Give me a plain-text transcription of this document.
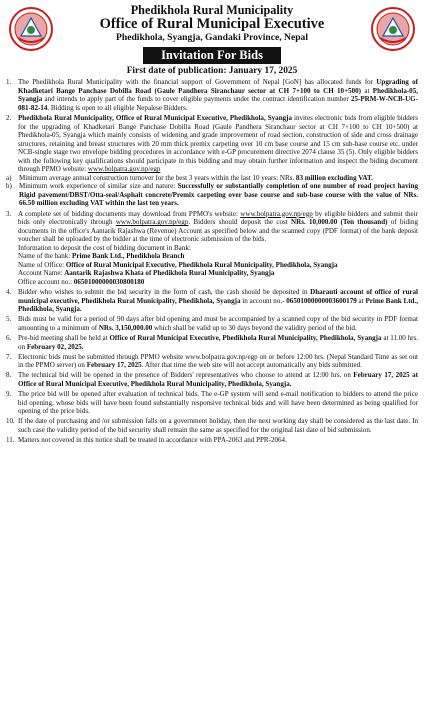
Phedikhola Rural Municipality
Office of Rural Municipal Executive
Phedikhola, Syangja, Gandaki Province, Nepal
Invitation For Bids
First date of publication: January 17, 2025
1. The Phedikhola Rural Municipality with the financial support of Government of Nepal [GoN] has allocated funds for Upgrading of Khadketari Bange Panchase Dobilla Road (Gaule Pandhera Siranchaur sector at CH 7+100 to CH 10+500) at Phedikhola-05, Syangja and intends to apply part of the funds to cover eligible payments under the contract identification number 25-PRM-W-NCB-UG-081-82-14. Bidding is open to all eligible Nepalese Bidders.
2. Phedikhola Rural Municipality, Office of Rural Municipal Executive, Phedikhola, Syangja invites electronic bids from eligible bidders for the upgrading of Khadketari Bange Panchase Dobilla Road (Gaule Pandhera Siranchaur sector at CH 7+100 to CH 10+500) at Phedikhola-05, Syangja which mainly consists of widening and grade improvement of road section, construction of side and cross drainage structures, retaining and breast structures with 20 mm thick premix carpeting over 10 cm base course and 15 cm sub-base course etc. under NCB-single stage two envelope bidding procedures in accordance with e-GP procurement directive 2074 clause 35 (5). Only eligible bidders with the following key qualifications should participate in this bidding and may obtain further information and inspect the biding document through PPMO website: www.bolpatra.gov.np/egp
a)	Minimum average annual construction turnover for the best 3 years within the last 10 years: NRs. 83 million excluding VAT.
b)	Minimum work experience of similar size and nature: Successfully or substantially completion of one number of road project having Rigid pavement/DBST/Otta-seal/Asphalt concrete/Premix carpeting over base course and sub-base course with the value of NRs. 66.50 million excluding VAT within the last ten years.
3. A complete set of bidding documents may download from PPMO's website: www.bolpatra.gov.np/egp by eligible bidders and submit their bids only electronically through www.bolpatra.gov.np/egp. Bidders should deposit the cost NRs. 10,000.00 (Ten thousand) of biding documents in the office's Aantarik Rajashwa (Revenue) Account as specified below and the scanned copy (PDF format) of the bank deposit voucher shall be uploaded by the bidder at the time of electronic submission of the bids.
Information to deposit the cost of bidding document in Bank:
Name of the bank: Prime Bank Ltd., Phedikhola Branch
Name of Office: Office of Rural Municipal Executive, Phedikhola Rural Municipality, Phedikhola, Syangja
Account Name: Aantarik Rajashwa Khata of Phedikhola Rural Municipality, Syangja
Office account no.: 06501000000030800180
4. Bidder who wishes to submit the bid security in the form of cash, the cash should be deposited in Dharauti account of office of rural municipal executive, Phedikhola Rural Municipality, Phedikhola, Syangja in account no.- 06501000000003600179 at Prime Bank Ltd., Phedikhola, Syangja.
5. Bids must be valid for a period of 90 days after bid opening and must be accompanied by a scanned copy of the bid security in PDF format amounting to a minimum of NRs. 3,150,000.00 which shall be valid up to 30 days beyond the validity period of the bid.
6. Pre-bid meeting shall be held at Office of Rural Municipal Executive, Phedikhola Rural Municipality, Phedikhola, Syangja at 11.00 hrs. on February 02, 2025.
7. Electronic bids must be submitted through PPMO website www.bolpatra.gov.np/egp on or before 12:00 hrs. (Nepal Standard Time as set out in the PPMO server) on February 17, 2025. After that time the web site will not accept automatically any bids submitted.
8. The technical bid will be opened in the presence of Bidders' representatives who choose to attend at 12:00 hrs. on February 17, 2025 at Office of Rural Municipal Executive, Phedikhola Rural Municipality, Phedikhola, Syangja.
9. The price bid will be opened after evaluation of technical bids. The e-GP system will send e-mail notification to bidders to attend the price bid opening, whose bids will have been found substantially responsive technical bids and will have been determined as being qualified for opening of the price bids.
10. If the date of purchasing and /or submission falls on a government holiday, then the next working day shall be considered as the last date. In such case the validity period of the bid security shall remain the same as specified for the original last date of bid submission.
11. Matters not covered in this notice shall be treated in accordance with PPA-2063 and PPR-2064.
